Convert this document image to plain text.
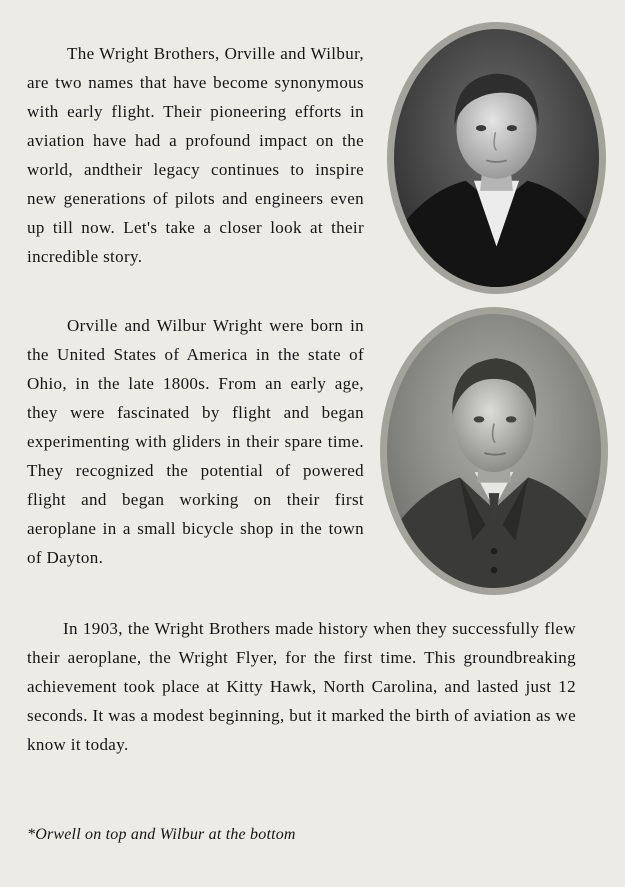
The Wright Brothers, Orville and Wilbur, are two names that have become synonymous with early flight. Their pioneering efforts in aviation have had a profound impact on the world, andtheir legacy continues to inspire new generations of pilots and engineers even up till now. Let's take a closer look at their incredible story.

Orville and Wilbur Wright were born in the United States of America in the state of Ohio, in the late 1800s. From an early age, they were fascinated by flight and began experimenting with gliders in their spare time. They recognized the potential of powered flight and began working on their first aeroplane in a small bicycle shop in the town of Dayton.

In 1903, the Wright Brothers made history when they successfully flew their aeroplane, the Wright Flyer, for the first time. This groundbreaking achievement took place at Kitty Hawk, North Carolina, and lasted just 12 seconds. It was a modest beginning, but it marked the birth of aviation as we know it today.

*Orwell on top and Wilbur at the bottom
